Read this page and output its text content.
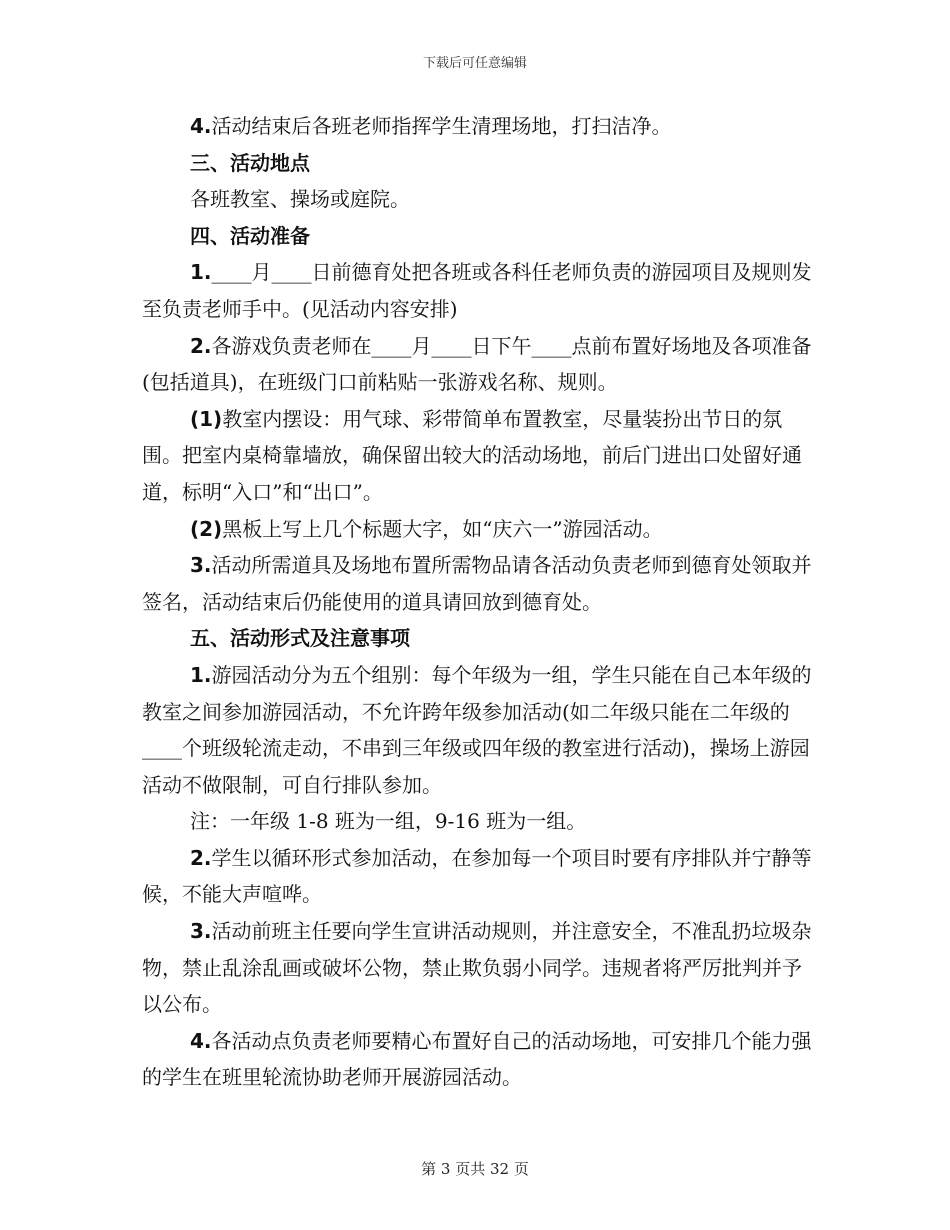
下载后可任意编辑

4.活动结束后各班老师指挥学生清理场地，打扫洁净。

三、活动地点

各班教室、操场或庭院。

四、活动准备

1.____月____日前德育处把各班或各科任老师负责的游园项目及规则发至负责老师手中。(见活动内容安排)

2.各游戏负责老师在____月____日下午____点前布置好场地及各项准备(包括道具)，在班级门口前粘贴一张游戏名称、规则。

(1)教室内摆设：用气球、彩带简单布置教室，尽量装扮出节日的氛围。把室内桌椅靠墙放，确保留出较大的活动场地，前后门进出口处留好通道，标明“入口”和“出口”。

(2)黑板上写上几个标题大字，如“庆六一”游园活动。

3.活动所需道具及场地布置所需物品请各活动负责老师到德育处领取并签名，活动结束后仍能使用的道具请回放到德育处。

五、活动形式及注意事项

1.游园活动分为五个组别：每个年级为一组，学生只能在自己本年级的教室之间参加游园活动，不允许跨年级参加活动(如二年级只能在二年级的____个班级轮流走动，不串到三年级或四年级的教室进行活动)，操场上游园活动不做限制，可自行排队参加。

注：一年级 1-8 班为一组，9-16 班为一组。

2.学生以循环形式参加活动，在参加每一个项目时要有序排队并宁静等候，不能大声喧哗。

3.活动前班主任要向学生宣讲活动规则，并注意安全，不准乱扔垃圾杂物，禁止乱涂乱画或破坏公物，禁止欺负弱小同学。违规者将严厉批判并予以公布。

4.各活动点负责老师要精心布置好自己的活动场地，可安排几个能力强的学生在班里轮流协助老师开展游园活动。

第 3 页共 32 页
